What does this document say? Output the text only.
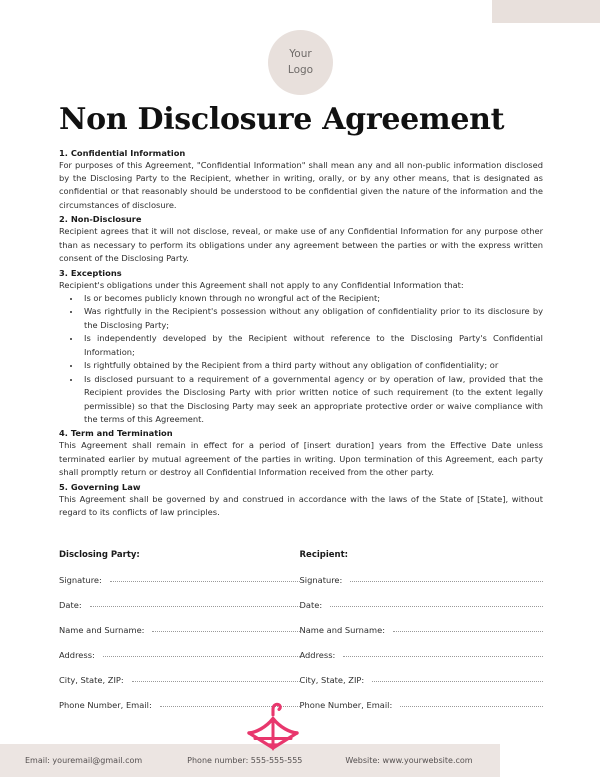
Your
Logo
Non Disclosure Agreement
1. Confidential Information

For purposes of this Agreement, "Confidential Information" shall mean any and all non-public information disclosed by the Disclosing Party to the Recipient, whether in writing, orally, or by any other means, that is designated as confidential or that reasonably should be understood to be confidential given the nature of the information and the circumstances of disclosure.

2. Non-Disclosure

Recipient agrees that it will not disclose, reveal, or make use of any Confidential Information for any purpose other than as necessary to perform its obligations under any agreement between the parties or with the express written consent of the Disclosing Party.

3. Exceptions

Recipient's obligations under this Agreement shall not apply to any Confidential Information that:

• Is or becomes publicly known through no wrongful act of the Recipient;
• Was rightfully in the Recipient's possession without any obligation of confidentiality prior to its disclosure by the Disclosing Party;
• Is independently developed by the Recipient without reference to the Disclosing Party's Confidential Information;
• Is rightfully obtained by the Recipient from a third party without any obligation of confidentiality; or
• Is disclosed pursuant to a requirement of a governmental agency or by operation of law, provided that the Recipient provides the Disclosing Party with prior written notice of such requirement (to the extent legally permissible) so that the Disclosing Party may seek an appropriate protective order or waive compliance with the terms of this Agreement.
4. Term and Termination

This Agreement shall remain in effect for a period of [insert duration] years from the Effective Date unless terminated earlier by mutual agreement of the parties in writing. Upon termination of this Agreement, each party shall promptly return or destroy all Confidential Information received from the other party.

5. Governing Law

This Agreement shall be governed by and construed in accordance with the laws of the State of [State], without regard to its conflicts of law principles.

Disclosing Party:
Signature:
Date:
Name and Surname:
Address:
City, State, ZIP:
Phone Number, Email:
Recipient:
Signature:
Date:
Name and Surname:
Address:
City, State, ZIP:
Phone Number, Email:
Email: youremail@gmail.com	Phone number: 555-555-555	Website: www.yourwebsite.com
